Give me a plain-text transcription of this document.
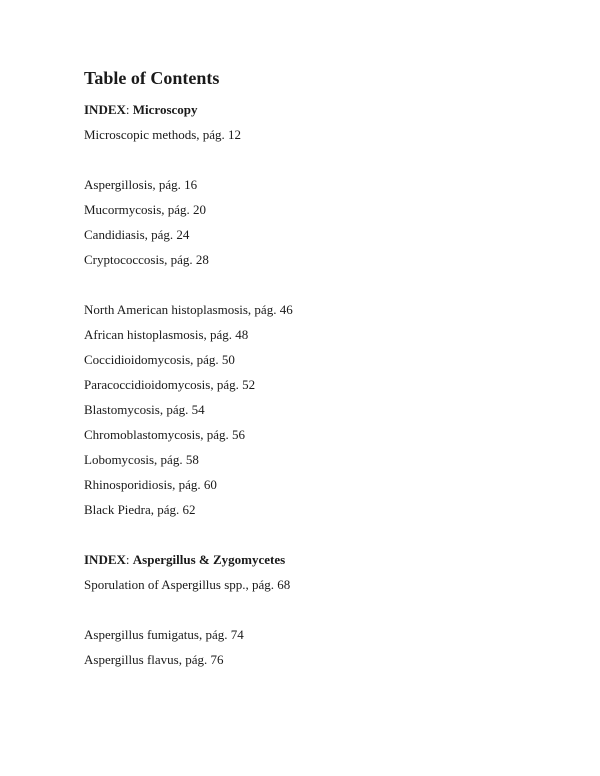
Table of Contents
INDEX: Microscopy
Microscopic methods, pág. 12
Aspergillosis, pág. 16
Mucormycosis, pág. 20
Candidiasis, pág. 24
Cryptococcosis, pág. 28
North American histoplasmosis, pág. 46
African histoplasmosis, pág. 48
Coccidioidomycosis, pág. 50
Paracoccidioidomycosis, pág. 52
Blastomycosis, pág. 54
Chromoblastomycosis, pág. 56
Lobomycosis, pág. 58
Rhinosporidiosis, pág. 60
Black Piedra, pág. 62
INDEX: Aspergillus & Zygomycetes
Sporulation of Aspergillus spp., pág. 68
Aspergillus fumigatus, pág. 74
Aspergillus flavus, pág. 76
